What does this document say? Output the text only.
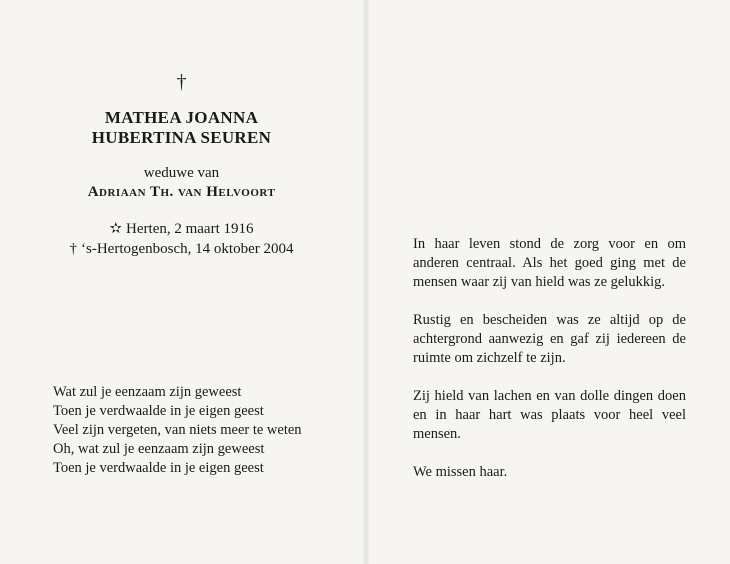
†
MATHEA JOANNA
HUBERTINA SEUREN
weduwe van
Adriaan Th. van Helvoort
✫ Herten, 2 maart 1916
† ‘s-Hertogenbosch, 14 oktober 2004
Wat zul je eenzaam zijn geweest
Toen je verdwaalde in je eigen geest
Veel zijn vergeten, van niets meer te weten
Oh, wat zul je eenzaam zijn geweest
Toen je verdwaalde in je eigen geest

In haar leven stond de zorg voor en om anderen centraal. Als het goed ging met de mensen waar zij van hield was ze gelukkig.

Rustig en bescheiden was ze altijd op de achtergrond aanwezig en gaf zij iedereen de ruimte om zichzelf te zijn.

Zij hield van lachen en van dolle dingen doen en in haar hart was plaats voor heel veel mensen.

We missen haar.
